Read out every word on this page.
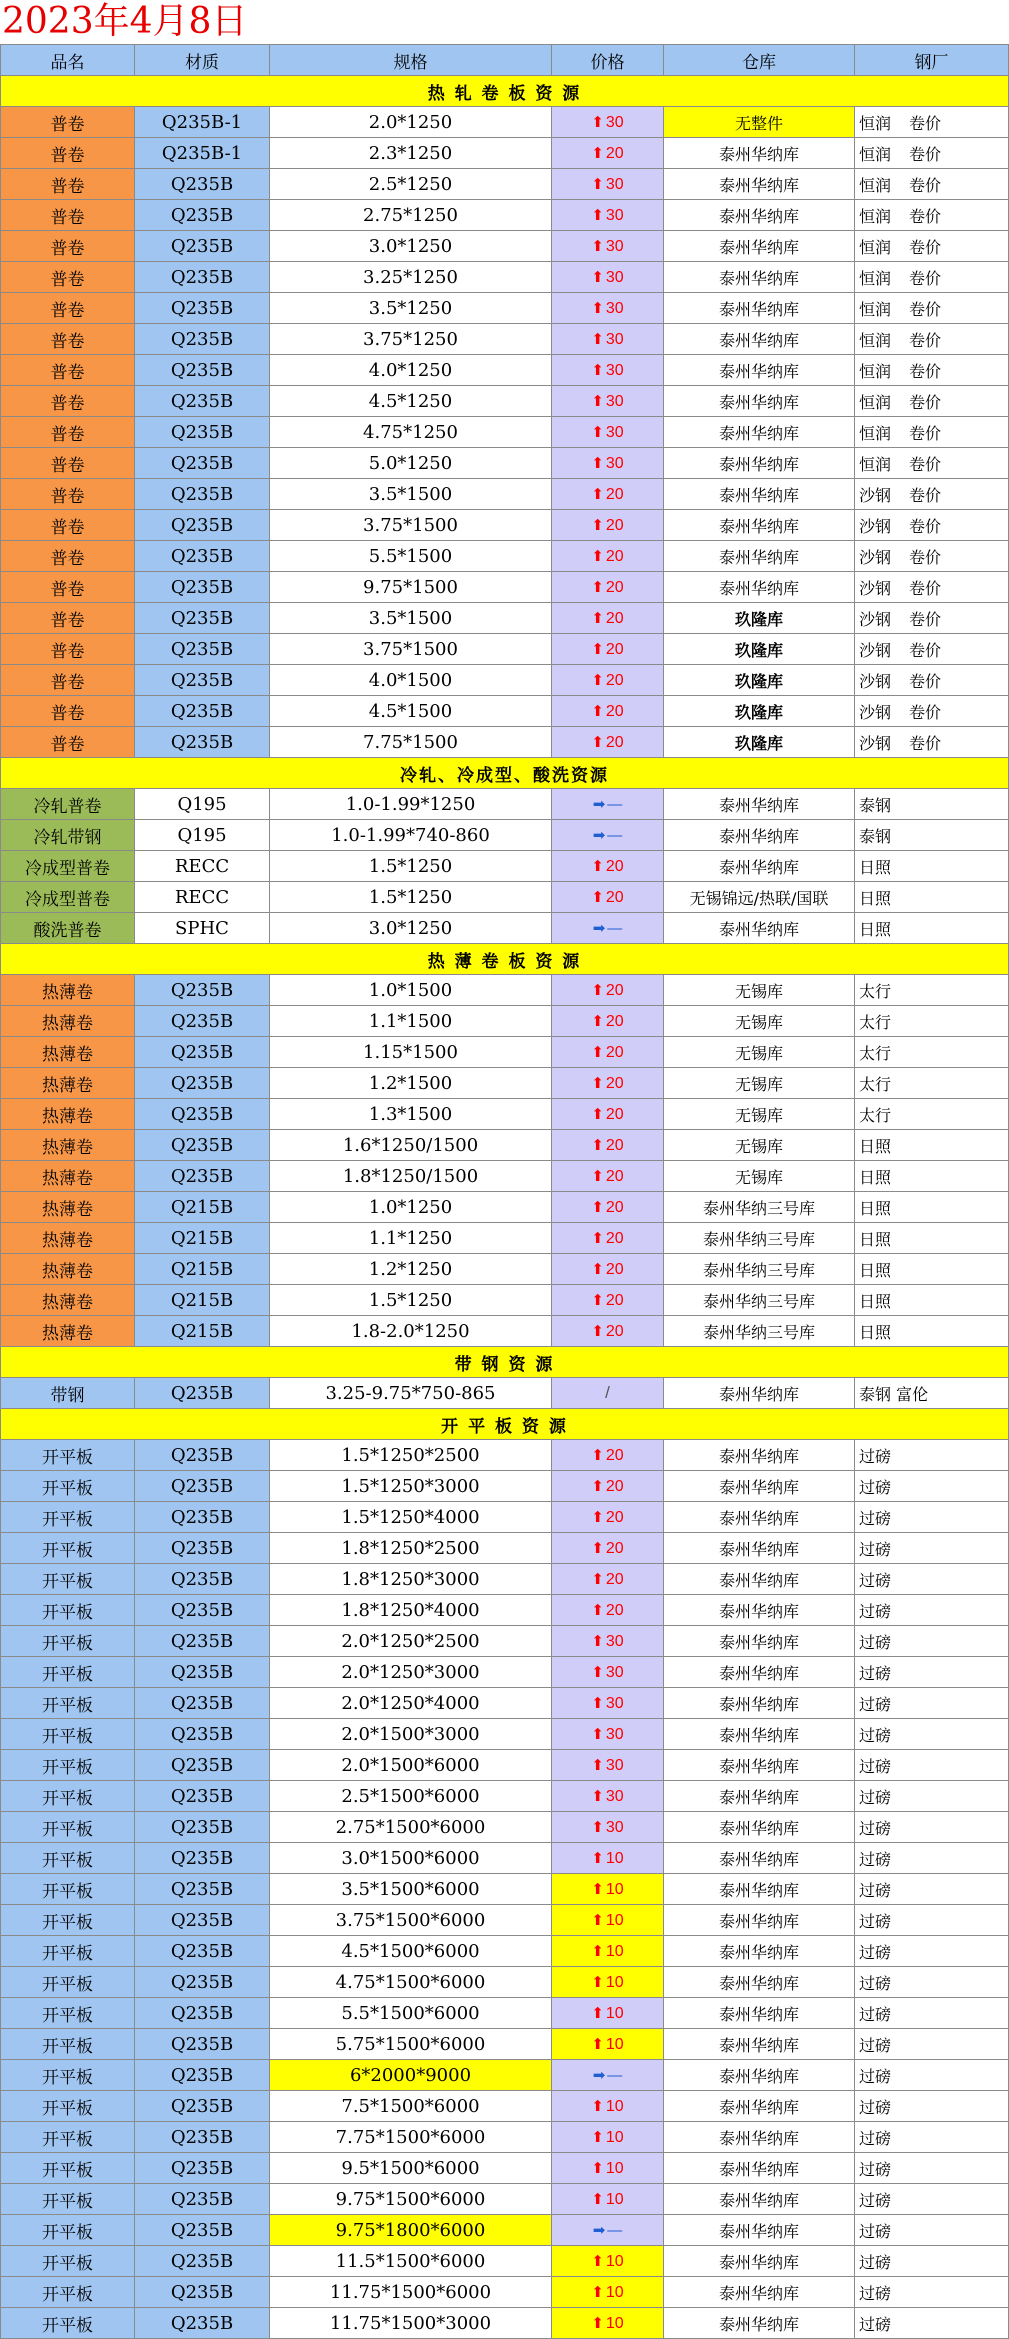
2023年4月8日
品名	材质	规格	价格	仓库	钢厂
热 轧 卷 板 资 源					
普卷	Q235B-1	2.0*1250	⬆ 30	无整件	恒润 卷价
普卷	Q235B-1	2.3*1250	⬆ 20	泰州华纳库	恒润 卷价
普卷	Q235B	2.5*1250	⬆ 30	泰州华纳库	恒润 卷价
普卷	Q235B	2.75*1250	⬆ 30	泰州华纳库	恒润 卷价
普卷	Q235B	3.0*1250	⬆ 30	泰州华纳库	恒润 卷价
普卷	Q235B	3.25*1250	⬆ 30	泰州华纳库	恒润 卷价
普卷	Q235B	3.5*1250	⬆ 30	泰州华纳库	恒润 卷价
普卷	Q235B	3.75*1250	⬆ 30	泰州华纳库	恒润 卷价
普卷	Q235B	4.0*1250	⬆ 30	泰州华纳库	恒润 卷价
普卷	Q235B	4.5*1250	⬆ 30	泰州华纳库	恒润 卷价
普卷	Q235B	4.75*1250	⬆ 30	泰州华纳库	恒润 卷价
普卷	Q235B	5.0*1250	⬆ 30	泰州华纳库	恒润 卷价
普卷	Q235B	3.5*1500	⬆ 20	泰州华纳库	沙钢 卷价
普卷	Q235B	3.75*1500	⬆ 20	泰州华纳库	沙钢 卷价
普卷	Q235B	5.5*1500	⬆ 20	泰州华纳库	沙钢 卷价
普卷	Q235B	9.75*1500	⬆ 20	泰州华纳库	沙钢 卷价
普卷	Q235B	3.5*1500	⬆ 20	玖隆库	沙钢 卷价
普卷	Q235B	3.75*1500	⬆ 20	玖隆库	沙钢 卷价
普卷	Q235B	4.0*1500	⬆ 20	玖隆库	沙钢 卷价
普卷	Q235B	4.5*1500	⬆ 20	玖隆库	沙钢 卷价
普卷	Q235B	7.75*1500	⬆ 20	玖隆库	沙钢 卷价
冷轧、冷成型、酸洗资源					
冷轧普卷	Q195	1.0-1.99*1250	➡ —	泰州华纳库	泰钢
冷轧带钢	Q195	1.0-1.99*740-860	➡ —	泰州华纳库	泰钢
冷成型普卷	RECC	1.5*1250	⬆ 20	泰州华纳库	日照
冷成型普卷	RECC	1.5*1250	⬆ 20	无锡锦远/热联/国联	日照
酸洗普卷	SPHC	3.0*1250	➡ —	泰州华纳库	日照
热 薄 卷 板 资 源					
热薄卷	Q235B	1.0*1500	⬆ 20	无锡库	太行
热薄卷	Q235B	1.1*1500	⬆ 20	无锡库	太行
热薄卷	Q235B	1.15*1500	⬆ 20	无锡库	太行
热薄卷	Q235B	1.2*1500	⬆ 20	无锡库	太行
热薄卷	Q235B	1.3*1500	⬆ 20	无锡库	太行
热薄卷	Q235B	1.6*1250/1500	⬆ 20	无锡库	日照
热薄卷	Q235B	1.8*1250/1500	⬆ 20	无锡库	日照
热薄卷	Q215B	1.0*1250	⬆ 20	泰州华纳三号库	日照
热薄卷	Q215B	1.1*1250	⬆ 20	泰州华纳三号库	日照
热薄卷	Q215B	1.2*1250	⬆ 20	泰州华纳三号库	日照
热薄卷	Q215B	1.5*1250	⬆ 20	泰州华纳三号库	日照
热薄卷	Q215B	1.8-2.0*1250	⬆ 20	泰州华纳三号库	日照
带 钢 资 源					
带钢	Q235B	3.25-9.75*750-865	/	泰州华纳库	泰钢 富伦
开 平 板 资 源					
开平板	Q235B	1.5*1250*2500	⬆ 20	泰州华纳库	过磅
开平板	Q235B	1.5*1250*3000	⬆ 20	泰州华纳库	过磅
开平板	Q235B	1.5*1250*4000	⬆ 20	泰州华纳库	过磅
开平板	Q235B	1.8*1250*2500	⬆ 20	泰州华纳库	过磅
开平板	Q235B	1.8*1250*3000	⬆ 20	泰州华纳库	过磅
开平板	Q235B	1.8*1250*4000	⬆ 20	泰州华纳库	过磅
开平板	Q235B	2.0*1250*2500	⬆ 30	泰州华纳库	过磅
开平板	Q235B	2.0*1250*3000	⬆ 30	泰州华纳库	过磅
开平板	Q235B	2.0*1250*4000	⬆ 30	泰州华纳库	过磅
开平板	Q235B	2.0*1500*3000	⬆ 30	泰州华纳库	过磅
开平板	Q235B	2.0*1500*6000	⬆ 30	泰州华纳库	过磅
开平板	Q235B	2.5*1500*6000	⬆ 30	泰州华纳库	过磅
开平板	Q235B	2.75*1500*6000	⬆ 30	泰州华纳库	过磅
开平板	Q235B	3.0*1500*6000	⬆ 10	泰州华纳库	过磅
开平板	Q235B	3.5*1500*6000	⬆ 10	泰州华纳库	过磅
开平板	Q235B	3.75*1500*6000	⬆ 10	泰州华纳库	过磅
开平板	Q235B	4.5*1500*6000	⬆ 10	泰州华纳库	过磅
开平板	Q235B	4.75*1500*6000	⬆ 10	泰州华纳库	过磅
开平板	Q235B	5.5*1500*6000	⬆ 10	泰州华纳库	过磅
开平板	Q235B	5.75*1500*6000	⬆ 10	泰州华纳库	过磅
开平板	Q235B	6*2000*9000	➡ —	泰州华纳库	过磅
开平板	Q235B	7.5*1500*6000	⬆ 10	泰州华纳库	过磅
开平板	Q235B	7.75*1500*6000	⬆ 10	泰州华纳库	过磅
开平板	Q235B	9.5*1500*6000	⬆ 10	泰州华纳库	过磅
开平板	Q235B	9.75*1500*6000	⬆ 10	泰州华纳库	过磅
开平板	Q235B	9.75*1800*6000	➡ —	泰州华纳库	过磅
开平板	Q235B	11.5*1500*6000	⬆ 10	泰州华纳库	过磅
开平板	Q235B	11.75*1500*6000	⬆ 10	泰州华纳库	过磅
开平板	Q235B	11.75*1500*3000	⬆ 10	泰州华纳库	过磅
